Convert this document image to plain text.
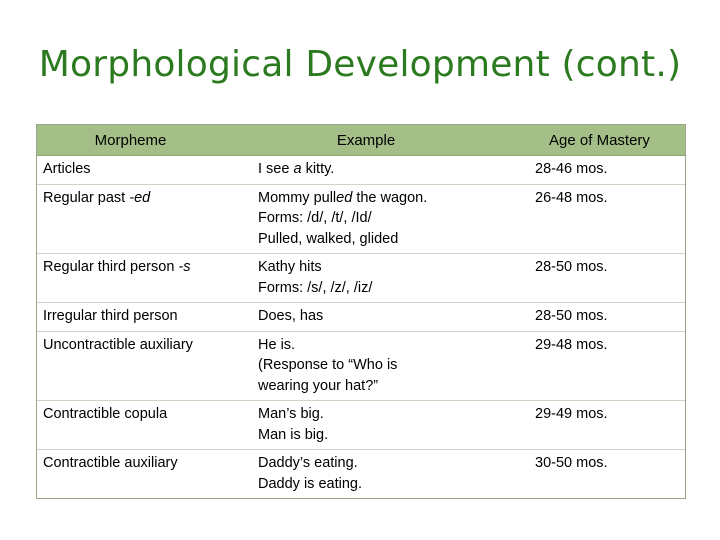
Morphological Development (cont.)
Morpheme	Example	Age of Mastery
Articles	I see a kitty.	28-46 mos.
Regular past -ed	Mommy pulled the wagon.
Forms: /d/, /t/, /Id/
Pulled, walked, glided	26-48 mos.
Regular third person -s	Kathy hits
Forms: /s/, /z/, /iz/	28-50 mos.
Irregular third person	Does, has	28-50 mos.
Uncontractible auxiliary	He is.
(Response to “Who is
wearing your hat?”	29-48 mos.
Contractible copula	Man’s big.
Man is big.	29-49 mos.
Contractible auxiliary	Daddy’s eating.
Daddy is eating.	30-50 mos.
